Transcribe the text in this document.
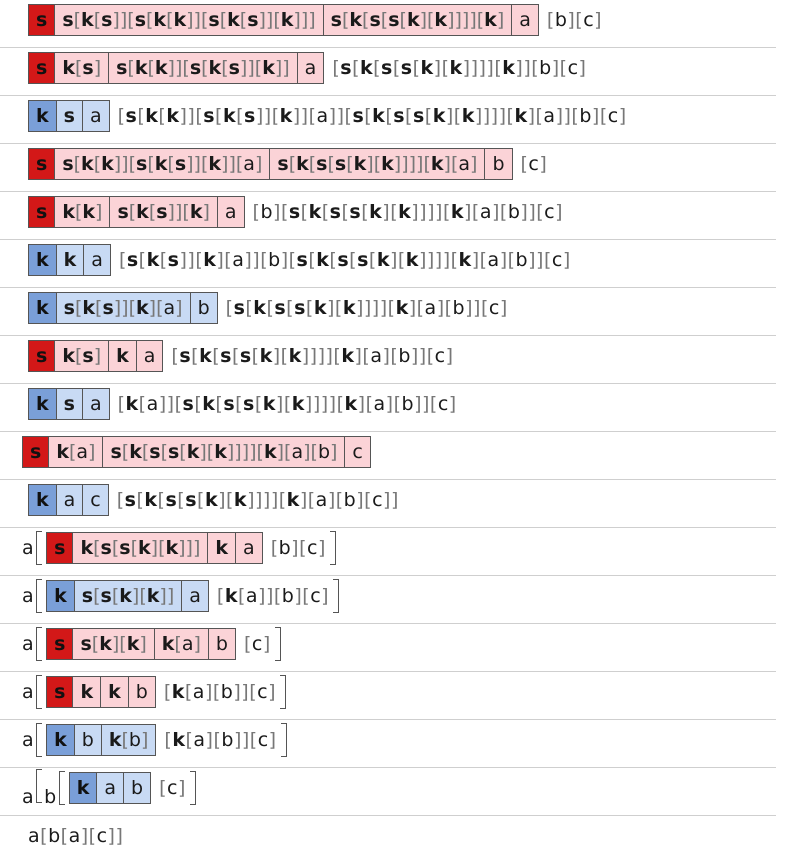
s s [ k [ s ] ] [ s [ k [ k ] ] [ s [ k [ s ] ] [ k ] ] ] s [ k [ s [ s [ k ] [ k ] ] ] ] [ k ] a [b][c]
s k [ s ] s [ k [ k ] ] [ s [ k [ s ] ] [ k ] ] a [s[k[s[s[k][k]]]][k]][b][c]
k s a [s[k[k]][s[k[s]][k]][a]][s[k[s[s[k][k]]]][k][a]][b][c]
s s [ k [ k ] ] [ s [ k [ s ] ] [ k ] ] [ a ] s [ k [ s [ s [ k ] [ k ] ] ] ] [ k ] [ a ] b [c]
s k [ k ] s [ k [ s ] ] [ k ] a [b][s[k[s[s[k][k]]]][k][a][b]][c]
k k a [s[k[s]][k][a]][b][s[k[s[s[k][k]]]][k][a][b]][c]
k s [ k [ s ] ] [ k ] [ a ] b [s[k[s[s[k][k]]]][k][a][b]][c]
s k [ s ] k a [s[k[s[s[k][k]]]][k][a][b]][c]
k s a [k[a]][s[k[s[s[k][k]]]][k][a][b]][c]
s k [ a ] s [ k [ s [ s [ k ] [ k ] ] ] ] [ k ] [ a ] [ b ] c
k a c [s[k[s[s[k][k]]]][k][a][b][c]]
a s k [ s [ s [ k ] [ k ] ] ] k a [b][c]
a k s [ s [ k ] [ k ] ] a [k[a]][b][c]
a s s [ k ] [ k ] k [ a ] b [c]
a s k k b [k[a][b]][c]
a k b k [ b ] [k[a][b]][c]
a b k a b [c]
a[b[a][c]]
